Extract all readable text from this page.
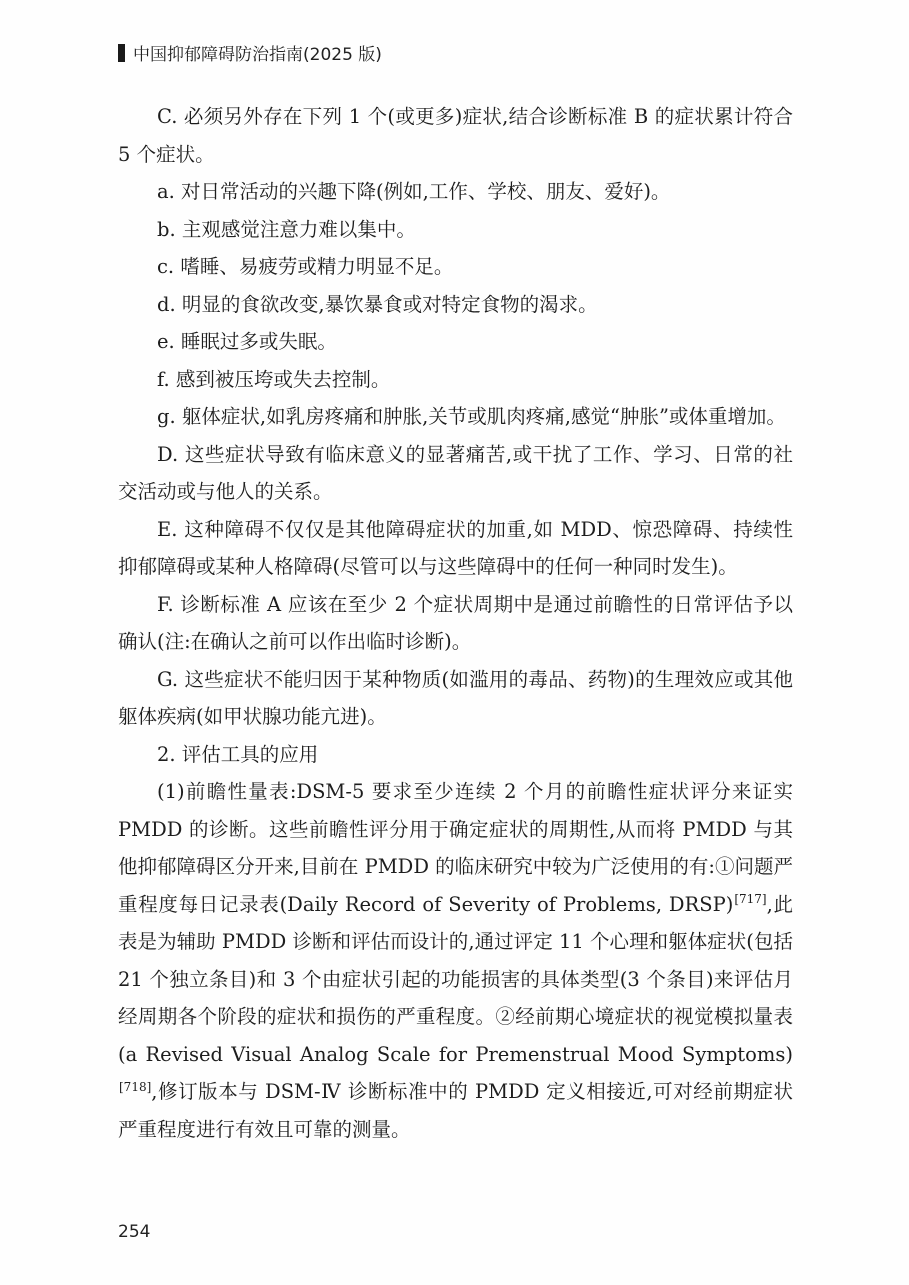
中国抑郁障碍防治指南(2025 版)

C. 必须另外存在下列 1 个(或更多)症状,结合诊断标准 B 的症状累计符合 5 个症状。

a. 对日常活动的兴趣下降(例如,工作、学校、朋友、爱好)。

b. 主观感觉注意力难以集中。

c. 嗜睡、易疲劳或精力明显不足。

d. 明显的食欲改变,暴饮暴食或对特定食物的渴求。

e. 睡眠过多或失眠。

f. 感到被压垮或失去控制。

g. 躯体症状,如乳房疼痛和肿胀,关节或肌肉疼痛,感觉“肿胀”或体重增加。

D. 这些症状导致有临床意义的显著痛苦,或干扰了工作、学习、日常的社交活动或与他人的关系。

E. 这种障碍不仅仅是其他障碍症状的加重,如 MDD、惊恐障碍、持续性抑郁障碍或某种人格障碍(尽管可以与这些障碍中的任何一种同时发生)。

F. 诊断标准 A 应该在至少 2 个症状周期中是通过前瞻性的日常评估予以确认(注:在确认之前可以作出临时诊断)。

G. 这些症状不能归因于某种物质(如滥用的毒品、药物)的生理效应或其他躯体疾病(如甲状腺功能亢进)。

2. 评估工具的应用

(1)前瞻性量表:DSM-5 要求至少连续 2 个月的前瞻性症状评分来证实 PMDD 的诊断。这些前瞻性评分用于确定症状的周期性,从而将 PMDD 与其他抑郁障碍区分开来,目前在 PMDD 的临床研究中较为广泛使用的有:①问题严重程度每日记录表(Daily Record of Severity of Problems, DRSP)[717],此表是为辅助 PMDD 诊断和评估而设计的,通过评定 11 个心理和躯体症状(包括 21 个独立条目)和 3 个由症状引起的功能损害的具体类型(3 个条目)来评估月经周期各个阶段的症状和损伤的严重程度。②经前期心境症状的视觉模拟量表(a Revised Visual Analog Scale for Premenstrual Mood Symptoms)[718],修订版本与 DSM-Ⅳ 诊断标准中的 PMDD 定义相接近,可对经前期症状严重程度进行有效且可靠的测量。

254
